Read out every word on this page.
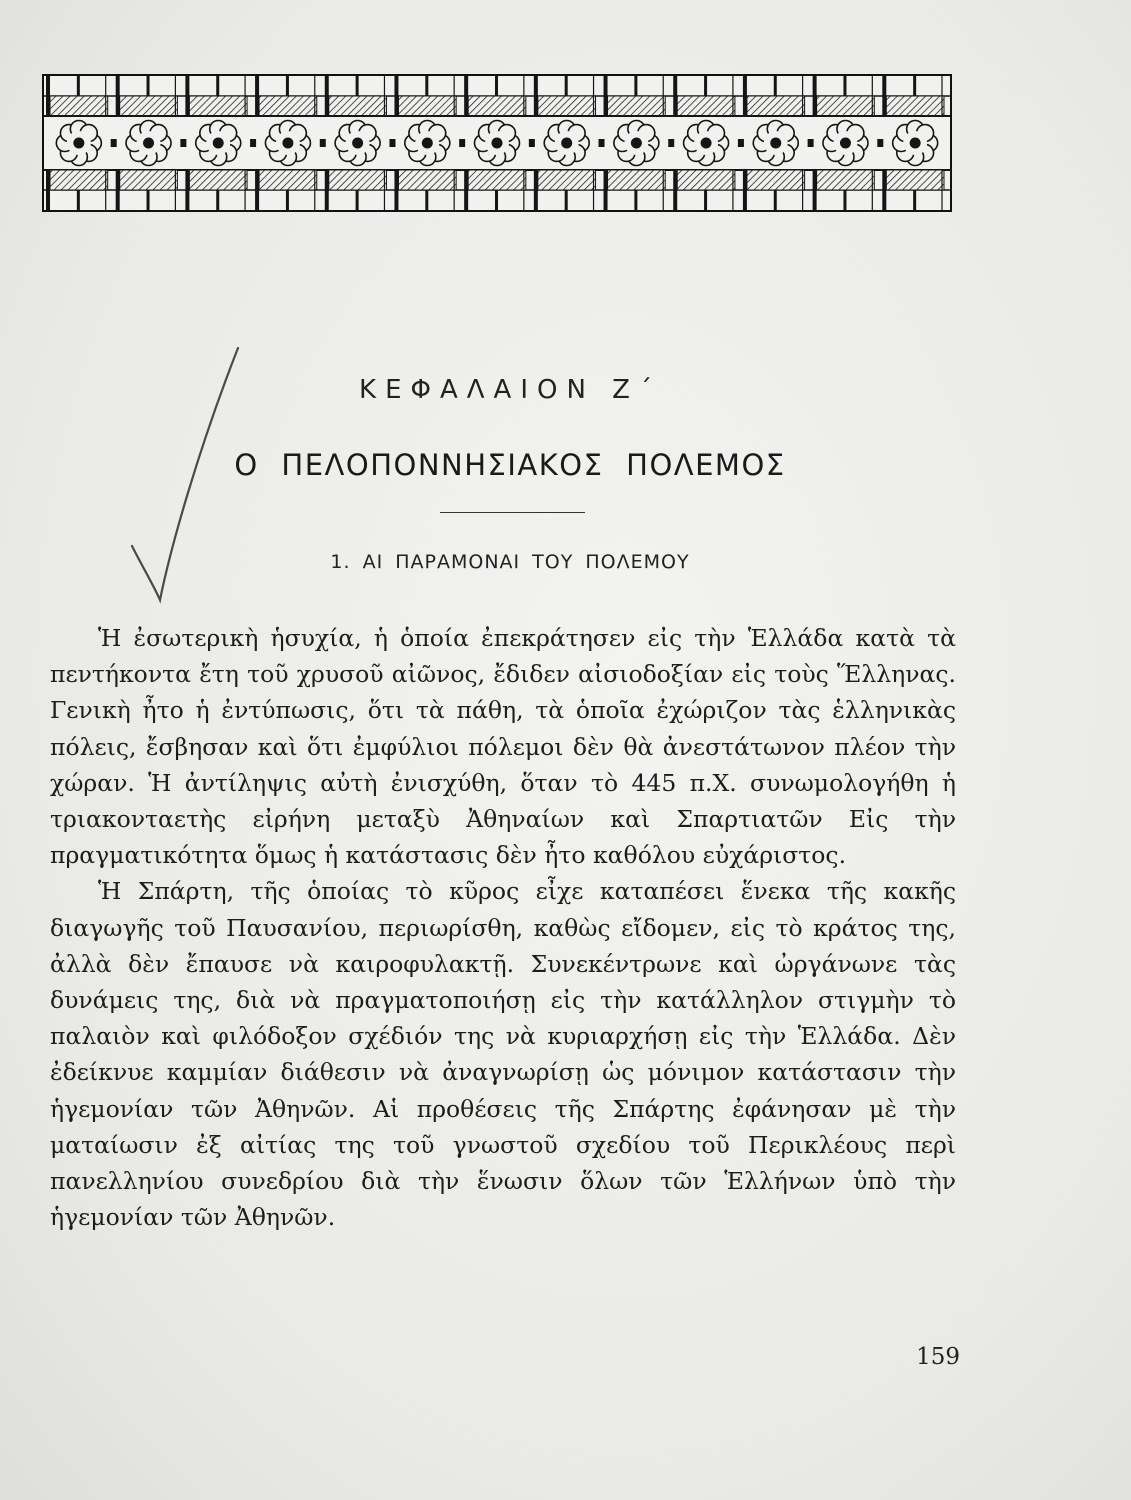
ΚΕΦΑΛΑΙΟΝ Ζ΄
Ο ΠΕΛΟΠΟΝΝΗΣΙΑΚΟΣ ΠΟΛΕΜΟΣ
1. ΑΙ ΠΑΡΑΜΟΝΑΙ ΤΟΥ ΠΟΛΕΜΟΥ

Ἡ ἐσωτερικὴ ἡσυχία, ἡ ὁποία ἐπεκράτησεν εἰς τὴν Ἑλλάδα κατὰ τὰ πεντήκοντα ἔτη τοῦ χρυσοῦ αἰῶνος, ἔδιδεν αἰσιοδοξίαν εἰς τοὺς Ἕλληνας. Γενικὴ ἦτο ἡ ἐντύπωσις, ὅτι τὰ πάθη, τὰ ὁποῖα ἐχώριζον τὰς ἑλληνικὰς πόλεις, ἔσβησαν καὶ ὅτι ἐμφύλιοι πόλεμοι δὲν θὰ ἀνεστάτωνον πλέον τὴν χώραν. Ἡ ἀντίληψις αὐτὴ ἐνισχύθη, ὅταν τὸ 445 π.Χ. συνωμολογήθη ἡ τριακονταετὴς εἰρήνη μεταξὺ Ἀθηναίων καὶ Σπαρτιατῶν Εἰς τὴν πραγματικότητα ὅμως ἡ κατάστασις δὲν ἦτο καθόλου εὐχάριστος.

Ἡ Σπάρτη, τῆς ὁποίας τὸ κῦρος εἶχε καταπέσει ἕνεκα τῆς κακῆς διαγωγῆς τοῦ Παυσανίου, περιωρίσθη, καθὼς εἴδομεν, εἰς τὸ κράτος της, ἀλλὰ δὲν ἔπαυσε νὰ καιροφυλακτῇ. Συνεκέντρωνε καὶ ὠργάνωνε τὰς δυνάμεις της, διὰ νὰ πραγματοποιήσῃ εἰς τὴν κατάλληλον στιγμὴν τὸ παλαιὸν καὶ φιλόδοξον σχέδιόν της νὰ κυριαρχήσῃ εἰς τὴν Ἑλλάδα. Δὲν ἐδείκνυε καμμίαν διάθεσιν νὰ ἀναγνωρίσῃ ὡς μόνιμον κατάστασιν τὴν ἡγεμονίαν τῶν Ἀθηνῶν. Αἱ προθέσεις τῆς Σπάρτης ἐφάνησαν μὲ τὴν ματαίωσιν ἐξ αἰτίας της τοῦ γνωστοῦ σχεδίου τοῦ Περικλέους περὶ πανελληνίου συνεδρίου διὰ τὴν ἕνωσιν ὅλων τῶν Ἑλλήνων ὑπὸ τὴν ἡγεμονίαν τῶν Ἀθηνῶν.

159
